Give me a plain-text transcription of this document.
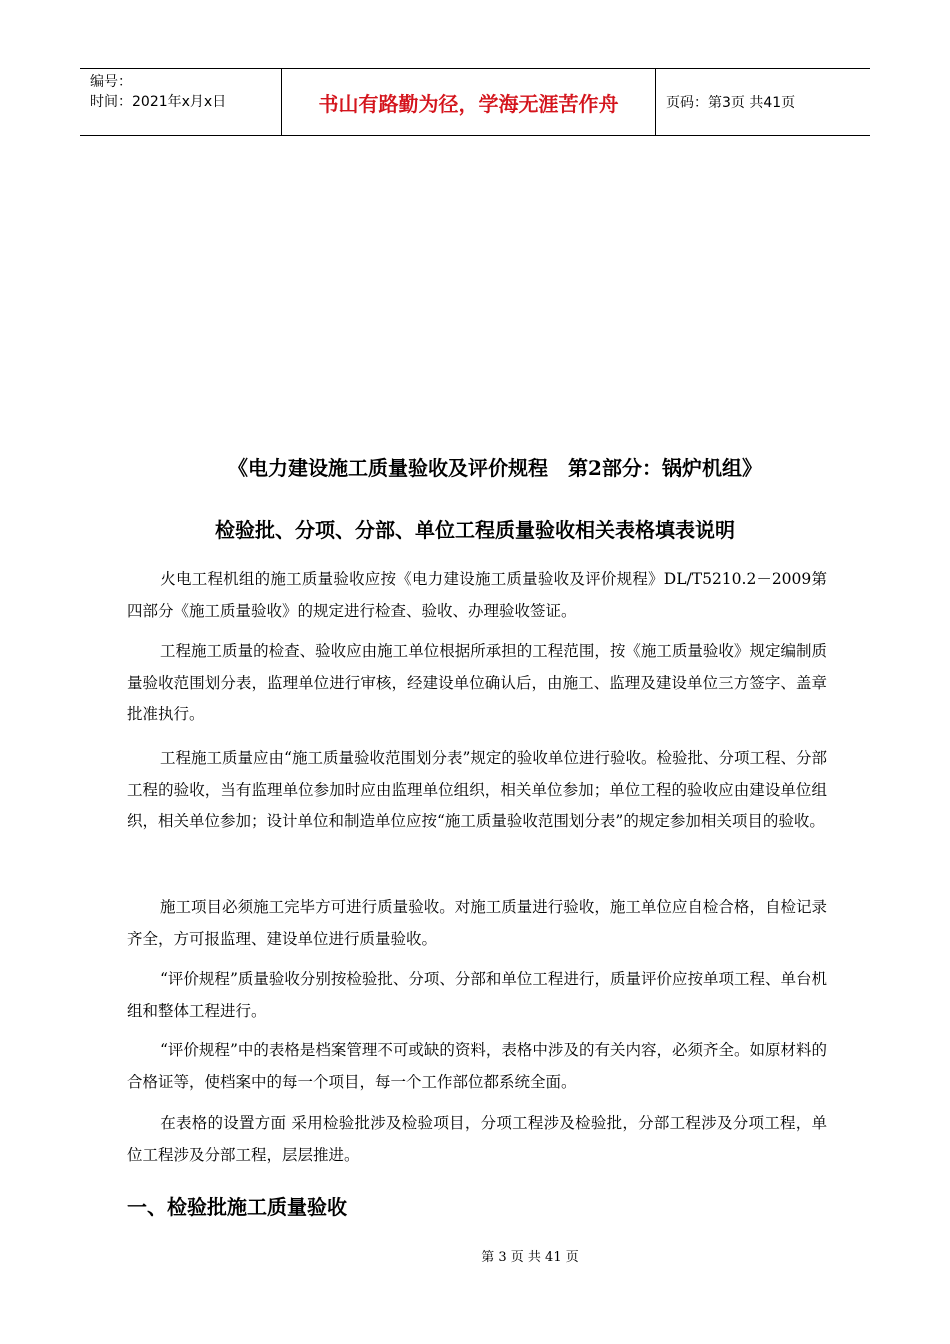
编号：
时间：2021年x月x日	书山有路勤为径，学海无涯苦作舟	页码：第3页 共41页
《电力建设施工质量验收及评价规程　第2部分：锅炉机组》
检验批、分项、分部、单位工程质量验收相关表格填表说明
火电工程机组的施工质量验收应按《电力建设施工质量验收及评价规程》DL/T5210.2－2009第四部分《施工质量验收》的规定进行检查、验收、办理验收签证。
工程施工质量的检查、验收应由施工单位根据所承担的工程范围，按《施工质量验收》规定编制质量验收范围划分表，监理单位进行审核，经建设单位确认后，由施工、监理及建设单位三方签字、盖章批准执行。
工程施工质量应由“施工质量验收范围划分表”规定的验收单位进行验收。检验批、分项工程、分部工程的验收，当有监理单位参加时应由监理单位组织，相关单位参加；单位工程的验收应由建设单位组织，相关单位参加；设计单位和制造单位应按“施工质量验收范围划分表”的规定参加相关项目的验收。
施工项目必须施工完毕方可进行质量验收。对施工质量进行验收，施工单位应自检合格，自检记录齐全，方可报监理、建设单位进行质量验收。
“评价规程”质量验收分别按检验批、分项、分部和单位工程进行，质量评价应按单项工程、单台机组和整体工程进行。
“评价规程”中的表格是档案管理不可或缺的资料，表格中涉及的有关内容，必须齐全。如原材料的合格证等，使档案中的每一个项目，每一个工作部位都系统全面。
在表格的设置方面 采用检验批涉及检验项目，分项工程涉及检验批，分部工程涉及分项工程，单位工程涉及分部工程，层层推进。
一、检验批施工质量验收
第 3 页 共 41 页
